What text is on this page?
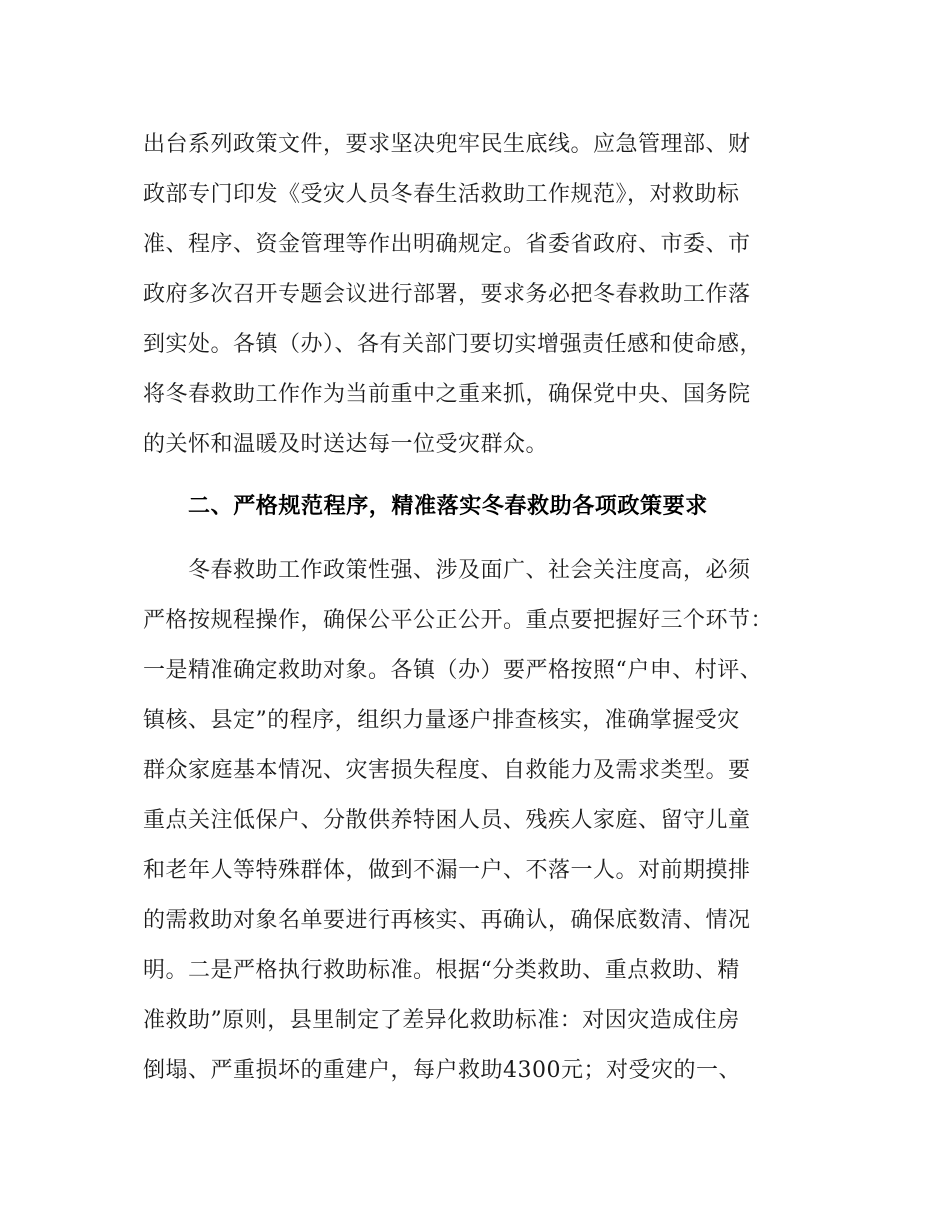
出台系列政策文件，要求坚决兜牢民生底线。应急管理部、财
政部专门印发《受灾人员冬春生活救助工作规范》，对救助标
准、程序、资金管理等作出明确规定。省委省政府、市委、市
政府多次召开专题会议进行部署，要求务必把冬春救助工作落
到实处。各镇（办）、各有关部门要切实增强责任感和使命感，
将冬春救助工作作为当前重中之重来抓，确保党中央、国务院
的关怀和温暖及时送达每一位受灾群众。
二、严格规范程序，精准落实冬春救助各项政策要求
冬春救助工作政策性强、涉及面广、社会关注度高，必须
严格按规程操作，确保公平公正公开。重点要把握好三个环节：
一是精准确定救助对象。各镇（办）要严格按照“户申、村评、
镇核、县定”的程序，组织力量逐户排查核实，准确掌握受灾
群众家庭基本情况、灾害损失程度、自救能力及需求类型。要
重点关注低保户、分散供养特困人员、残疾人家庭、留守儿童
和老年人等特殊群体，做到不漏一户、不落一人。对前期摸排
的需救助对象名单要进行再核实、再确认，确保底数清、情况
明。二是严格执行救助标准。根据“分类救助、重点救助、精
准救助”原则，县里制定了差异化救助标准：对因灾造成住房
倒塌、严重损坏的重建户，每户救助4300元；对受灾的一、
